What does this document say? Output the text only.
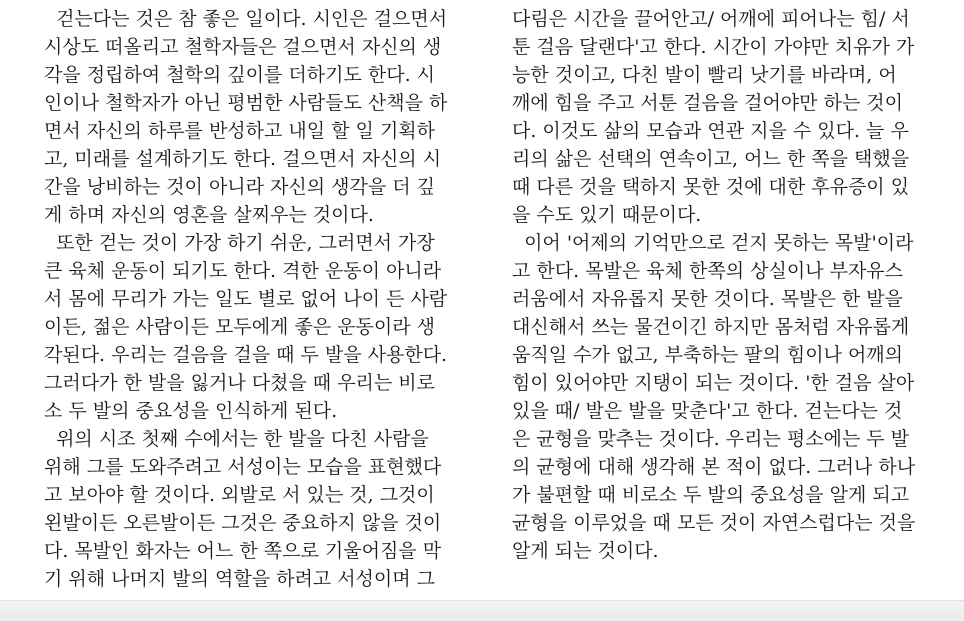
걷는다는 것은 참 좋은 일이다. 시인은 걸으면서
시상도 떠올리고 철학자들은 걸으면서 자신의 생
각을 정립하여 철학의 깊이를 더하기도 한다. 시
인이나 철학자가 아닌 평범한 사람들도 산책을 하
면서 자신의 하루를 반성하고 내일 할 일 기획하
고, 미래를 설계하기도 한다. 걸으면서 자신의 시
간을 낭비하는 것이 아니라 자신의 생각을 더 깊
게 하며 자신의 영혼을 살찌우는 것이다.
또한 걷는 것이 가장 하기 쉬운, 그러면서 가장
큰 육체 운동이 되기도 한다. 격한 운동이 아니라
서 몸에 무리가 가는 일도 별로 없어 나이 든 사람
이든, 젊은 사람이든 모두에게 좋은 운동이라 생
각된다. 우리는 걸음을 걸을 때 두 발을 사용한다.
그러다가 한 발을 잃거나 다쳤을 때 우리는 비로
소 두 발의 중요성을 인식하게 된다.
위의 시조 첫째 수에서는 한 발을 다친 사람을
위해 그를 도와주려고 서성이는 모습을 표현했다
고 보아야 할 것이다. 외발로 서 있는 것, 그것이
왼발이든 오른발이든 그것은 중요하지 않을 것이
다. 목발인 화자는 어느 한 쪽으로 기울어짐을 막
기 위해 나머지 발의 역할을 하려고 서성이며 그
다림은 시간을 끌어안고/ 어깨에 피어나는 힘/ 서
툰 걸음 달랜다'고 한다. 시간이 가야만 치유가 가
능한 것이고, 다친 발이 빨리 낫기를 바라며, 어
깨에 힘을 주고 서툰 걸음을 걸어야만 하는 것이
다. 이것도 삶의 모습과 연관 지을 수 있다. 늘 우
리의 삶은 선택의 연속이고, 어느 한 쪽을 택했을
때 다른 것을 택하지 못한 것에 대한 후유증이 있
을 수도 있기 때문이다.
이어 '어제의 기억만으로 걷지 못하는 목발'이라
고 한다. 목발은 육체 한쪽의 상실이나 부자유스
러움에서 자유롭지 못한 것이다. 목발은 한 발을
대신해서 쓰는 물건이긴 하지만 몸처럼 자유롭게
움직일 수가 없고, 부축하는 팔의 힘이나 어깨의
힘이 있어야만 지탱이 되는 것이다. '한 걸음 살아
있을 때/ 발은 발을 맞춘다'고 한다. 걷는다는 것
은 균형을 맞추는 것이다. 우리는 평소에는 두 발
의 균형에 대해 생각해 본 적이 없다. 그러나 하나
가 불편할 때 비로소 두 발의 중요성을 알게 되고
균형을 이루었을 때 모든 것이 자연스럽다는 것을
알게 되는 것이다.
